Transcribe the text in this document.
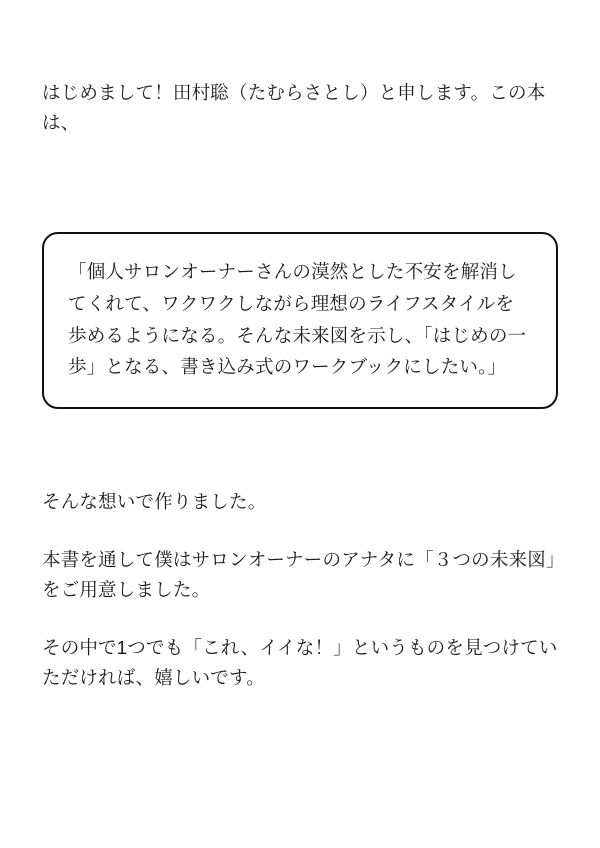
はじめまして！田村聡（たむらさとし）と申します。この本は、

「個人サロンオーナーさんの漠然とした不安を解消してくれて、ワクワクしながら理想のライフスタイルを歩めるようになる。そんな未来図を示し、「はじめの一歩」となる、書き込み式のワークブックにしたい。」

そんな想いで作りました。

本書を通して僕はサロンオーナーのアナタに「３つの未来図」をご用意しました。

その中で1つでも「これ、イイな！」というものを見つけていただければ、嬉しいです。
